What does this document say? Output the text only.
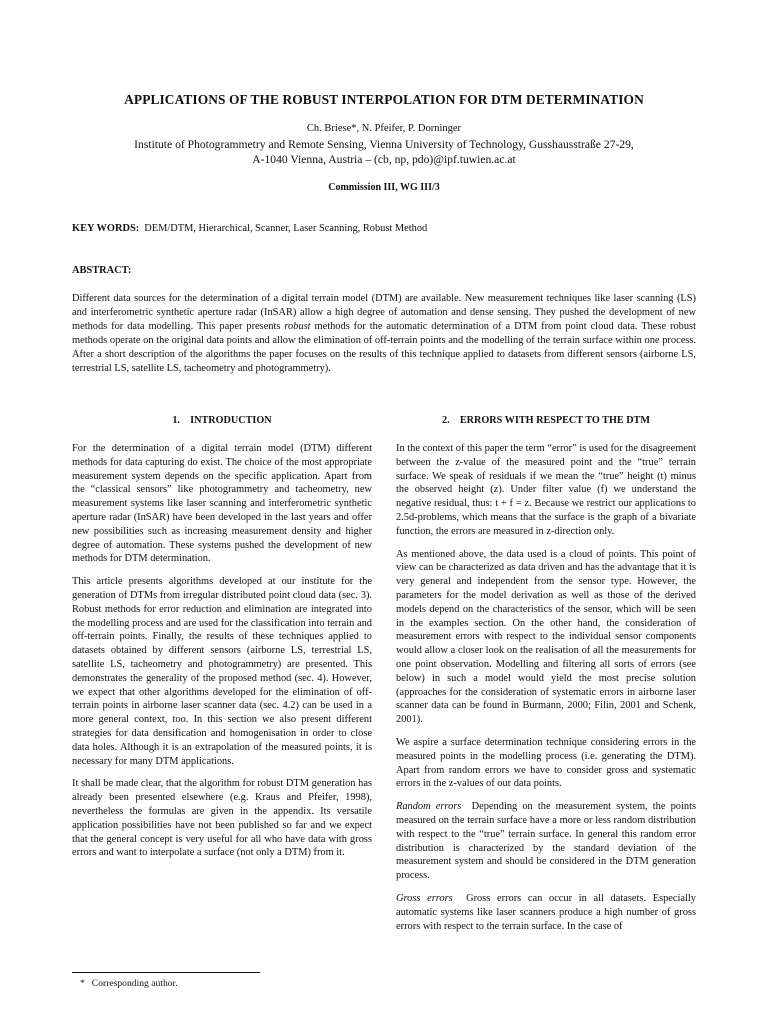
APPLICATIONS OF THE ROBUST INTERPOLATION FOR DTM DETERMINATION
Ch. Briese*, N. Pfeifer, P. Dorninger
Institute of Photogrammetry and Remote Sensing, Vienna University of Technology, Gusshausstraße 27-29,
A-1040 Vienna, Austria – (cb, np, pdo)@ipf.tuwien.ac.at
Commission III, WG III/3
KEY WORDS: DEM/DTM, Hierarchical, Scanner, Laser Scanning, Robust Method
ABSTRACT:
Different data sources for the determination of a digital terrain model (DTM) are available. New measurement techniques like laser scanning (LS) and interferometric synthetic aperture radar (InSAR) allow a high degree of automation and dense sensing. They pushed the development of new methods for data modelling. This paper presents robust methods for the automatic determination of a DTM from point cloud data. These robust methods operate on the original data points and allow the elimination of off-terrain points and the modelling of the terrain surface within one process. After a short description of the algorithms the paper focuses on the results of this technique applied to datasets from different sensors (airborne LS, terrestrial LS, satellite LS, tacheometry and photogrammetry).
1.    INTRODUCTION

For the determination of a digital terrain model (DTM) different methods for data capturing do exist. The choice of the most appropriate measurement system depends on the specific application. Apart from the “classical sensors” like photogrammetry and tacheometry, new measurement systems like laser scanning and interferometric synthetic aperture radar (InSAR) have been developed in the last years and offer new possibilities such as increasing measurement density and higher degree of automation. These systems pushed the development of new methods for DTM determination.

This article presents algorithms developed at our institute for the generation of DTMs from irregular distributed point cloud data (sec. 3). Robust methods for error reduction and elimination are integrated into the modelling process and are used for the classification into terrain and off-terrain points. Finally, the results of these techniques applied to datasets obtained by different sensors (airborne LS, terrestrial LS, satellite LS, tacheometry and photogrammetry) are presented. This demonstrates the generality of the proposed method (sec. 4). However, we expect that other algorithms developed for the elimination of off-terrain points in airborne laser scanner data (sec. 4.2) can be used in a more general context, too. In this section we also present different strategies for data densification and homogenisation in order to close data holes. Although it is an extrapolation of the measured points, it is necessary for many DTM applications.

It shall be made clear, that the algorithm for robust DTM generation has already been presented elsewhere (e.g. Kraus and Pfeifer, 1998), nevertheless the formulas are given in the appendix. Its versatile application possibilities have not been published so far and we expect that the general concept is very useful for all who have data with gross errors and want to interpolate a surface (not only a DTM) from it.

2.    ERRORS WITH RESPECT TO THE DTM

In the context of this paper the term “error” is used for the disagreement between the z-value of the measured point and the “true” terrain surface. We speak of residuals if we mean the “true” height (t) minus the observed height (z). Under filter value (f) we understand the negative residual, thus: t + f = z. Because we restrict our applications to 2.5d-problems, which means that the surface is the graph of a bivariate function, the errors are measured in z-direction only.

As mentioned above, the data used is a cloud of points. This point of view can be characterized as data driven and has the advantage that it is very general and independent from the sensor type. However, the parameters for the model derivation as well as those of the derived models depend on the characteristics of the sensor, which will be seen in the examples section. On the other hand, the consideration of measurement errors with respect to the individual sensor components would allow a closer look on the realisation of all the measurements for one point observation. Modelling and filtering all sorts of errors (see below) in such a model would yield the most precise solution (approaches for the consideration of systematic errors in airborne laser scanner data can be found in Burmann, 2000; Filin, 2001 and Schenk, 2001).

We aspire a surface determination technique considering errors in the measured points in the modelling process (i.e. generating the DTM). Apart from random errors we have to consider gross and systematic errors in the z-values of our data points.

Random errors Depending on the measurement system, the points measured on the terrain surface have a more or less random distribution with respect to the “true” terrain surface. In general this random error distribution is characterized by the standard deviation of the measurement system and should be considered in the DTM generation process.

Gross errors Gross errors can occur in all datasets. Especially automatic systems like laser scanners produce a high number of gross errors with respect to the terrain surface. In the case of

* Corresponding author.
